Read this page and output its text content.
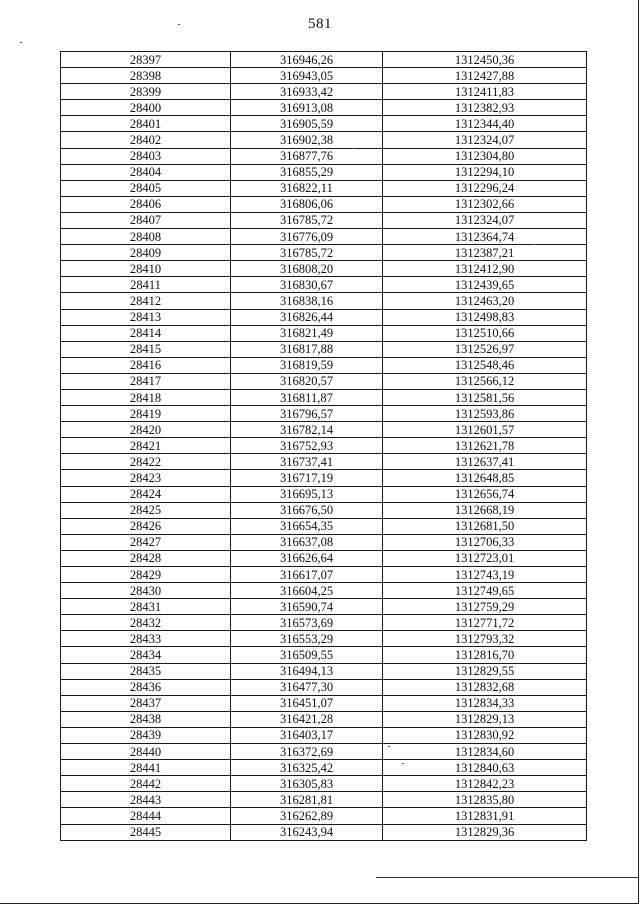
581
28397	316946,26	1312450,36
28398	316943,05	1312427,88
28399	316933,42	1312411,83
28400	316913,08	1312382,93
28401	316905,59	1312344,40
28402	316902,38	1312324,07
28403	316877,76	1312304,80
28404	316855,29	1312294,10
28405	316822,11	1312296,24
28406	316806,06	1312302,66
28407	316785,72	1312324,07
28408	316776,09	1312364,74
28409	316785,72	1312387,21
28410	316808,20	1312412,90
28411	316830,67	1312439,65
28412	316838,16	1312463,20
28413	316826,44	1312498,83
28414	316821,49	1312510,66
28415	316817,88	1312526,97
28416	316819,59	1312548,46
28417	316820,57	1312566,12
28418	316811,87	1312581,56
28419	316796,57	1312593,86
28420	316782,14	1312601,57
28421	316752,93	1312621,78
28422	316737,41	1312637,41
28423	316717,19	1312648,85
28424	316695,13	1312656,74
28425	316676,50	1312668,19
28426	316654,35	1312681,50
28427	316637,08	1312706,33
28428	316626,64	1312723,01
28429	316617,07	1312743,19
28430	316604,25	1312749,65
28431	316590,74	1312759,29
28432	316573,69	1312771,72
28433	316553,29	1312793,32
28434	316509,55	1312816,70
28435	316494,13	1312829,55
28436	316477,30	1312832,68
28437	316451,07	1312834,33
28438	316421,28	1312829,13
28439	316403,17	1312830,92
28440	316372,69	1312834,60
28441	316325,42	1312840,63
28442	316305,83	1312842,23
28443	316281,81	1312835,80
28444	316262,89	1312831,91
28445	316243,94	1312829,36
